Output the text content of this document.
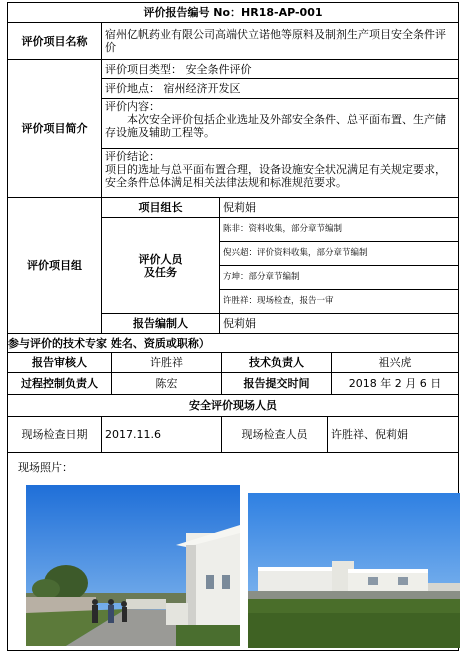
评价报告编号
No：HR18-AP-001
评价项目名称	宿州亿帆药业有限公司高端伏立诺他等原料及制剂生产项目安全条件评价
评价项目简介
评价项目类型： 安全条件评价
评价地点： 宿州经济开发区
评价内容：
本次安全评价包括企业选址及外部安全条件、总平面布置、生产储存设施及辅助工程等。
评价结论：
项目的选址与总平面布置合理，设备设施安全状况满足有关规定要求，安全条件总体满足相关法律法规和标准规范要求。
评价项目组
项目组长	倪莉娟
评价人员
及任务
陈非：资料收集，部分章节编制
倪兴超：评价资料收集，部分章节编制
方坤：部分章节编制
许胜祥：现场检查，报告一审
报告编制人	倪莉娟
参与评价的技术专家 姓名、资质或职称）
报告审核人	许胜祥	技术负责人	祖兴虎
过程控制负责人	陈宏	报告提交时间	2018 年 2 月 6 日
安全评价现场人员
现场检查日期	2017.11.6	现场检查人员	许胜祥、倪莉娟
现场照片：
